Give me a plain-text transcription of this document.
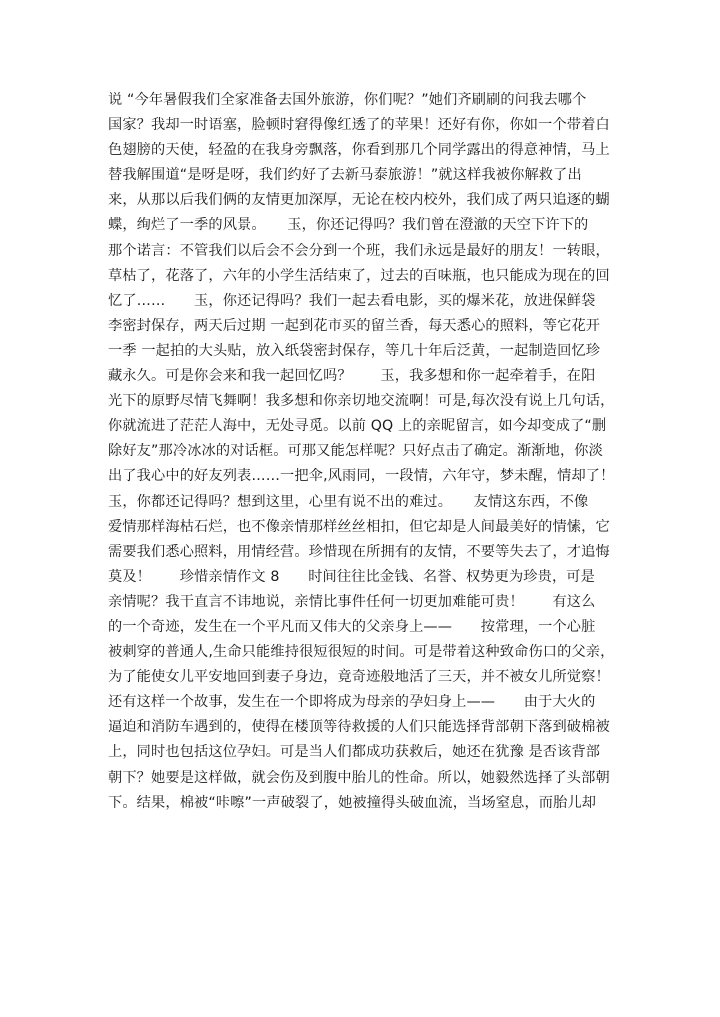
说 “今年暑假我们全家准备去国外旅游，你们呢？”她们齐刷刷的问我去哪个
国家？我却一时语塞，脸顿时窘得像红透了的苹果！还好有你，你如一个带着白
色翅膀的天使，轻盈的在我身旁飘落，你看到那几个同学露出的得意神情，马上
替我解围道“是呀是呀，我们约好了去新马泰旅游！”就这样我被你解救了出
来，从那以后我们俩的友情更加深厚，无论在校内校外，我们成了两只追逐的蝴
蝶，绚烂了一季的风景。　　玉，你还记得吗？我们曾在澄澈的天空下许下的
那个诺言：不管我们以后会不会分到一个班，我们永远是最好的朋友！一转眼，
草枯了，花落了，六年的小学生活结束了，过去的百味瓶，也只能成为现在的回
忆了……　　玉，你还记得吗？我们一起去看电影，买的爆米花，放进保鲜袋
李密封保存，两天后过期 一起到花市买的留兰香，每天悉心的照料，等它花开
一季 一起拍的大头贴，放入纸袋密封保存，等几十年后泛黄，一起制造回忆珍
藏永久。可是你会来和我一起回忆吗？　　玉，我多想和你一起牵着手，在阳
光下的原野尽情飞舞啊！我多想和你亲切地交流啊！可是,每次没有说上几句话，
你就流进了茫茫人海中，无处寻觅。以前 QQ 上的亲昵留言，如今却变成了“删
除好友”那冷冰冰的对话框。可那又能怎样呢？只好点击了确定。渐渐地，你淡
出了我心中的好友列表……一把伞,风雨同，一段情，六年守，梦未醒，情却了！
玉，你都还记得吗？想到这里，心里有说不出的难过。　　友情这东西，不像
爱情那样海枯石烂，也不像亲情那样丝丝相扣，但它却是人间最美好的情愫，它
需要我们悉心照料，用情经营。珍惜现在所拥有的友情，不要等失去了，才追悔
莫及！　　珍惜亲情作文 8　　时间往往比金钱、名誉、权势更为珍贵，可是
亲情呢？我干直言不讳地说，亲情比事件任何一切更加难能可贵！　　有这么
的一个奇迹，发生在一个平凡而又伟大的父亲身上——　　按常理，一个心脏
被刺穿的普通人,生命只能维持很短很短的时间。可是带着这种致命伤口的父亲，
为了能使女儿平安地回到妻子身边，竟奇迹般地活了三天，并不被女儿所觉察！
还有这样一个故事，发生在一个即将成为母亲的孕妇身上——　　由于大火的
逼迫和消防车遇到的，使得在楼顶等待救援的人们只能选择背部朝下落到破棉被
上，同时也包括这位孕妇。可是当人们都成功获救后，她还在犹豫 是否该背部
朝下？她要是这样做，就会伤及到腹中胎儿的性命。所以，她毅然选择了头部朝
下。结果，棉被“咔嚓”一声破裂了，她被撞得头破血流，当场窒息，而胎儿却
